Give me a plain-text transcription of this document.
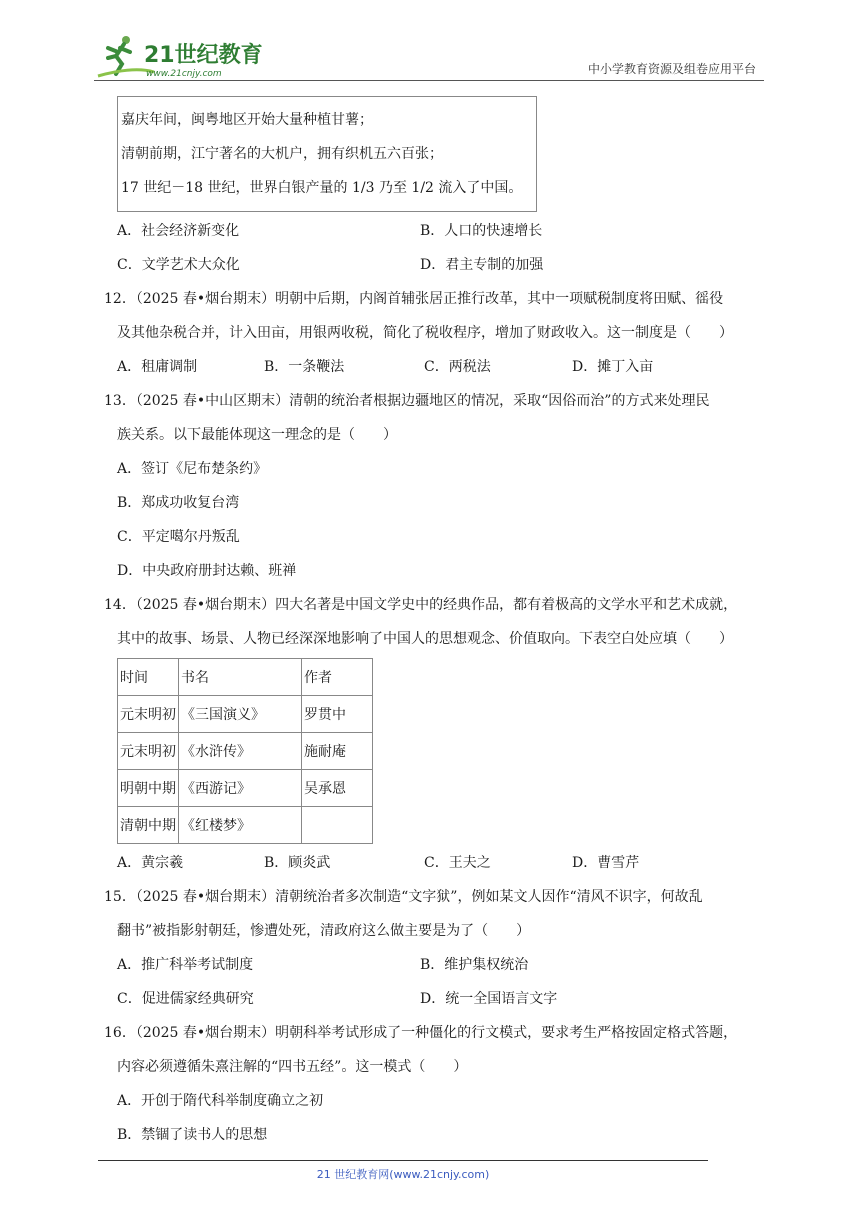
21世纪教育
www.21cnjy.com	中小学教育资源及组卷应用平台
嘉庆年间，闽粤地区开始大量种植甘薯；
清朝前期，江宁著名的大机户，拥有织机五六百张；
17 世纪－18 世纪，世界白银产量的 1/3 乃至 1/2 流入了中国。
A．社会经济新变化	B．人口的快速增长
C．文学艺术大众化	D．君主专制的加强
12．（2025 春•烟台期末）明朝中后期，内阁首辅张居正推行改革，其中一项赋税制度将田赋、徭役
及其他杂税合并，计入田亩，用银两收税，简化了税收程序，增加了财政收入。这一制度是（　　）
A．租庸调制	B．一条鞭法	C．两税法	D．摊丁入亩
13．（2025 春•中山区期末）清朝的统治者根据边疆地区的情况，采取“因俗而治”的方式来处理民
族关系。以下最能体现这一理念的是（　　）
A．签订《尼布楚条约》
B．郑成功收复台湾
C．平定噶尔丹叛乱
D．中央政府册封达赖、班禅
14．（2025 春•烟台期末）四大名著是中国文学史中的经典作品，都有着极高的文学水平和艺术成就，
其中的故事、场景、人物已经深深地影响了中国人的思想观念、价值取向。下表空白处应填（　　）
时间	书名	作者
元末明初	《三国演义》	罗贯中
元末明初	《水浒传》	施耐庵
明朝中期	《西游记》	吴承恩
清朝中期	《红楼梦》	
A．黄宗羲	B．顾炎武	C．王夫之	D．曹雪芹
15．（2025 春•烟台期末）清朝统治者多次制造“文字狱”，例如某文人因作“清风不识字，何故乱
翻书”被指影射朝廷，惨遭处死，清政府这么做主要是为了（　　）
A．推广科举考试制度	B．维护集权统治
C．促进儒家经典研究	D．统一全国语言文字
16．（2025 春•烟台期末）明朝科举考试形成了一种僵化的行文模式，要求考生严格按固定格式答题，
内容必须遵循朱熹注解的“四书五经”。这一模式（　　）
A．开创于隋代科举制度确立之初
B．禁锢了读书人的思想
21 世纪教育网(www.21cnjy.com)
